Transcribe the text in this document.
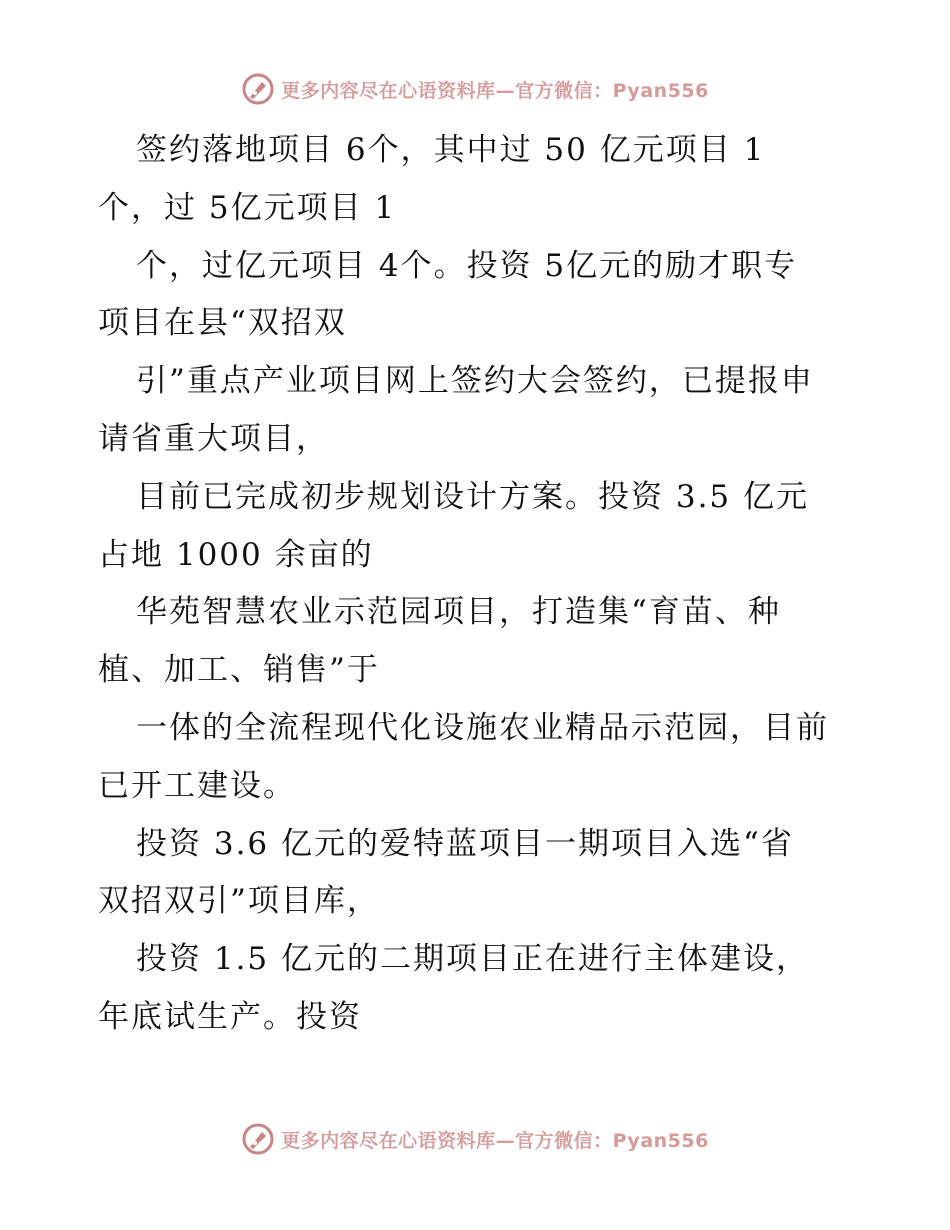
更多内容尽在心语资料库—官方微信：Pyan556
签约落地项目 6个，其中过 50 亿元项目 1
个，过 5亿元项目 1
个，过亿元项目 4个。投资 5亿元的励才职专
项目在县“双招双
引”重点产业项目网上签约大会签约，已提报申
请省重大项目，
目前已完成初步规划设计方案。投资 3.5 亿元
占地 1000 余亩的
华苑智慧农业示范园项目，打造集“育苗、种
植、加工、销售”于
一体的全流程现代化设施农业精品示范园，目前
已开工建设。
投资 3.6 亿元的爱特蓝项目一期项目入选“省
双招双引”项目库，
投资 1.5 亿元的二期项目正在进行主体建设，
年底试生产。投资
更多内容尽在心语资料库—官方微信：Pyan556
